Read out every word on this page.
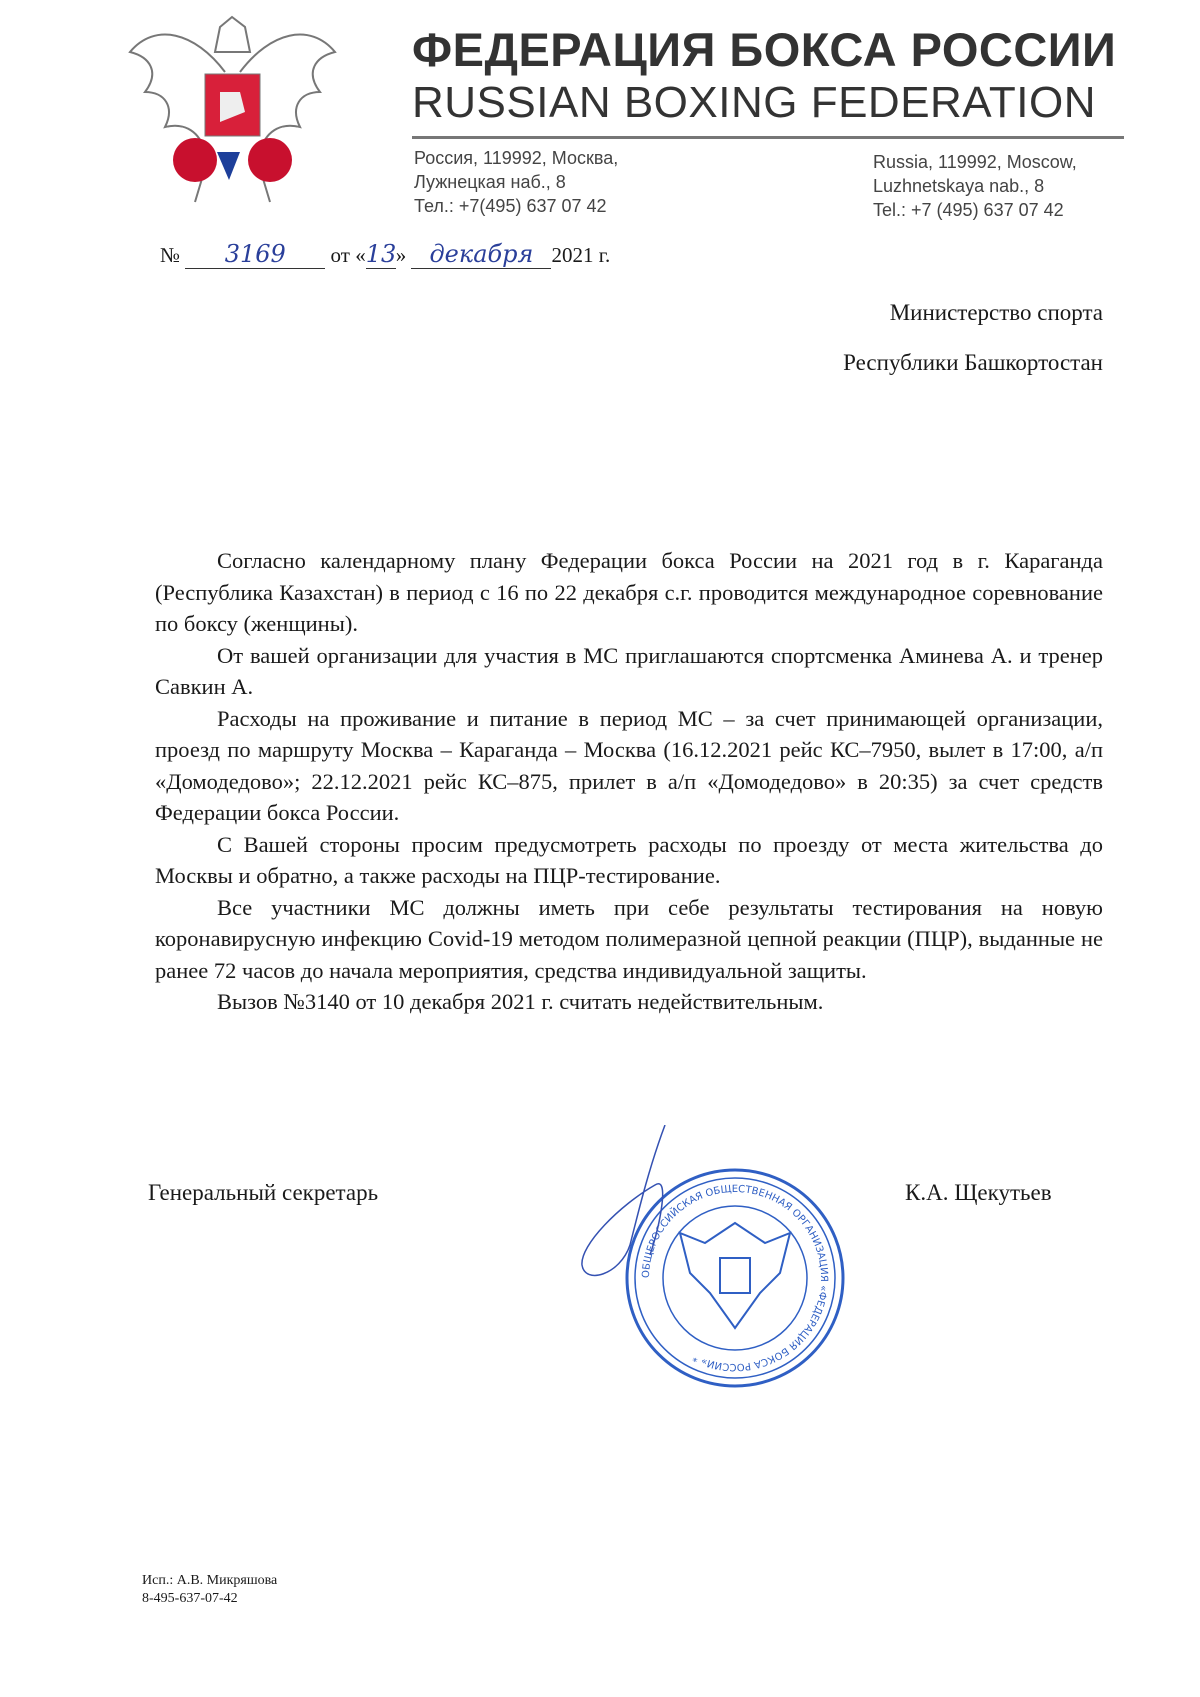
ФЕДЕРАЦИЯ БОКСА РОССИИ
RUSSIAN BOXING FEDERATION
Россия, 119992, Москва,
Лужнецкая наб., 8
Тел.: +7(495) 637 07 42
Russia, 119992, Moscow,
Luzhnetskaya nab., 8
Tel.: +7 (495) 637 07 42
№ 3169 от «13» декабря 2021 г.
Министерство спорта
Республики Башкортостан

Согласно календарному плану Федерации бокса России на 2021 год в г. Караганда (Республика Казахстан) в период с 16 по 22 декабря с.г. проводится международное соревнование по боксу (женщины).

От вашей организации для участия в МС приглашаются спортсменка Аминева А. и тренер Савкин А.

Расходы на проживание и питание в период МС – за счет принимающей организации, проезд по маршруту Москва – Караганда – Москва (16.12.2021 рейс КС–7950, вылет в 17:00, а/п «Домодедово»; 22.12.2021 рейс КС–875, прилет в а/п «Домодедово» в 20:35) за счет средств Федерации бокса России.

С Вашей стороны просим предусмотреть расходы по проезду от места жительства до Москвы и обратно, а также расходы на ПЦР-тестирование.

Все участники МС должны иметь при себе результаты тестирования на новую коронавирусную инфекцию Covid-19 методом полимеразной цепной реакции (ПЦР), выданные не ранее 72 часов до начала мероприятия, средства индивидуальной защиты.

Вызов №3140 от 10 декабря 2021 г. считать недействительным.

Генеральный секретарь	К.А. Щекутьев
ОБЩЕРОССИЙСКАЯ ОБЩЕСТВЕННАЯ ОРГАНИЗАЦИЯ «ФЕДЕРАЦИЯ БОКСА РОССИИ» *
Исп.: А.В. Микряшова
8-495-637-07-42
